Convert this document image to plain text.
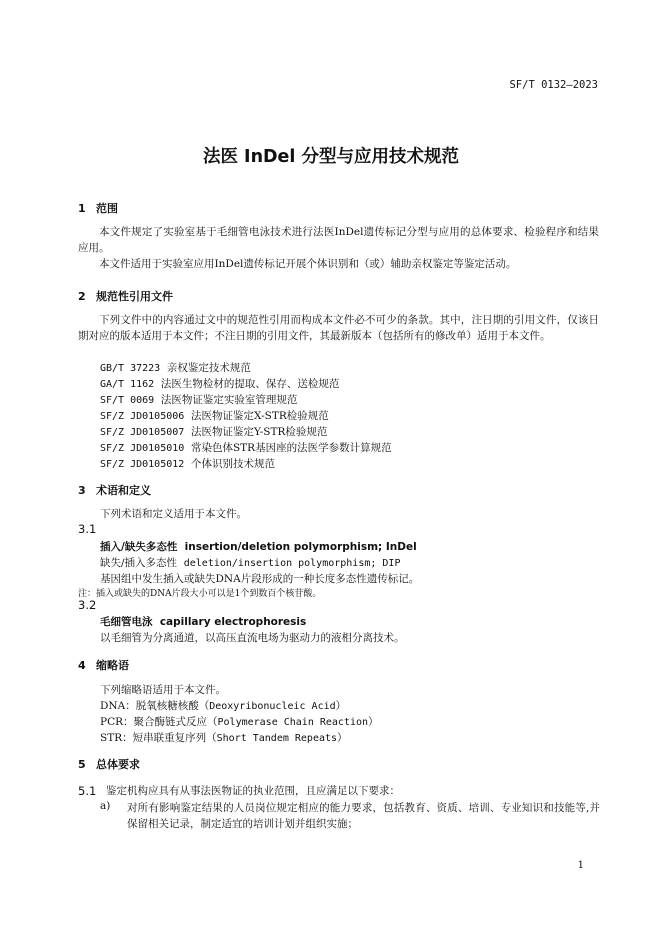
SF/T 0132—2023
法医 InDel 分型与应用技术规范
1 范围
本文件规定了实验室基于毛细管电泳技术进行法医InDel遗传标记分型与应用的总体要求、检验程序和结果应用。
本文件适用于实验室应用InDel遗传标记开展个体识别和（或）辅助亲权鉴定等鉴定活动。
2 规范性引用文件
下列文件中的内容通过文中的规范性引用而构成本文件必不可少的条款。其中，注日期的引用文件，仅该日期对应的版本适用于本文件；不注日期的引用文件，其最新版本（包括所有的修改单）适用于本文件。
GB/T 37223 亲权鉴定技术规范
GA/T 1162 法医生物检材的提取、保存、送检规范
SF/T 0069 法医物证鉴定实验室管理规范
SF/Z JD0105006 法医物证鉴定X-STR检验规范
SF/Z JD0105007 法医物证鉴定Y-STR检验规范
SF/Z JD0105010 常染色体STR基因座的法医学参数计算规范
SF/Z JD0105012 个体识别技术规范
3 术语和定义
下列术语和定义适用于本文件。
3.1
插入/缺失多态性 insertion/deletion polymorphism; InDel
缺失/插入多态性 deletion/insertion polymorphism; DIP
基因组中发生插入或缺失DNA片段形成的一种长度多态性遗传标记。
注：插入或缺失的DNA片段大小可以是1个到数百个核苷酸。
3.2
毛细管电泳 capillary electrophoresis
以毛细管为分离通道，以高压直流电场为驱动力的液相分离技术。
4 缩略语
下列缩略语适用于本文件。
DNA：脱氧核糖核酸（Deoxyribonucleic Acid）
PCR：聚合酶链式反应（Polymerase Chain Reaction）
STR：短串联重复序列（Short Tandem Repeats）
5 总体要求
5.1 鉴定机构应具有从事法医物证的执业范围，且应满足以下要求：
a) 对所有影响鉴定结果的人员岗位规定相应的能力要求，包括教育、资质、培训、专业知识和技能等,并保留相关记录，制定适宜的培训计划并组织实施；
1
